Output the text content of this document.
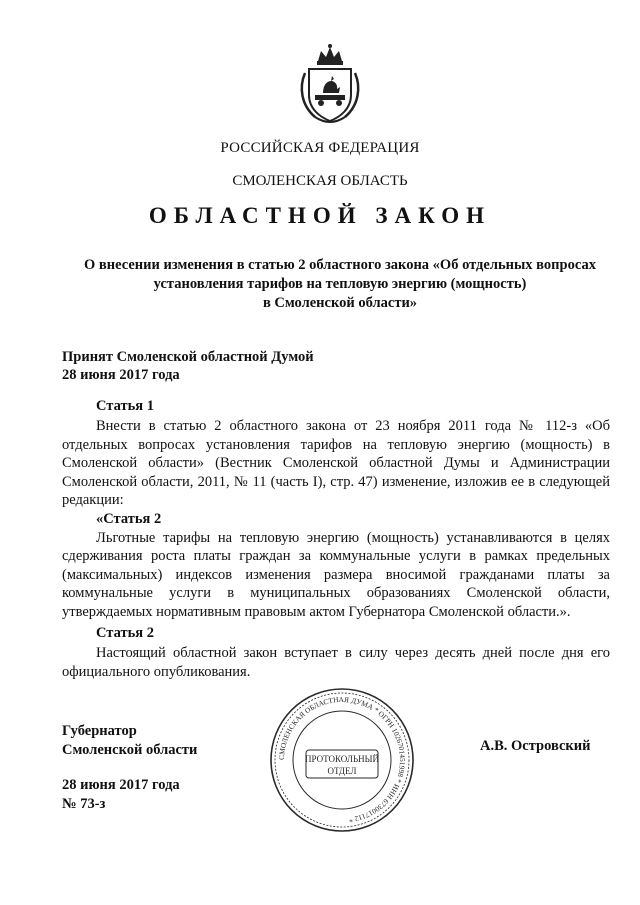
РОССИЙСКАЯ ФЕДЕРАЦИЯ
СМОЛЕНСКАЯ ОБЛАСТЬ
ОБЛАСТНОЙ ЗАКОН
О внесении изменения в статью 2 областного закона «Об отдельных вопросах
установления тарифов на тепловую энергию (мощность)
в Смоленской области»
Принят Смоленской областной Думой
28 июня 2017 года
Статья 1

Внести в статью 2 областного закона от 23 ноября 2011 года № 112-з «Об отдельных вопросах установления тарифов на тепловую энергию (мощность) в Смоленской области» (Вестник Смоленской областной Думы и Администрации Смоленской области, 2011, № 11 (часть I), стр. 47) изменение, изложив ее в следующей редакции:

«Статья 2

Льготные тарифы на тепловую энергию (мощность) устанавливаются в целях сдерживания роста платы граждан за коммунальные услуги в рамках предельных (максимальных) индексов изменения размера вносимой гражданами платы за коммунальные услуги в муниципальных образованиях Смоленской области, утверждаемых нормативным правовым актом Губернатора Смоленской области.».

Статья 2

Настоящий областной закон вступает в силу через десять дней после дня его официального опубликования.

Губернатор
Смоленской области	А.В. Островский
28 июня 2017 года
№ 73-з
СМОЛЕНСКАЯ ОБЛАСТНАЯ ДУМА * ОГРН 1026701451998 * ИНН 6730017112 *
ПРОТОКОЛЬНЫЙ
ОТДЕЛ
